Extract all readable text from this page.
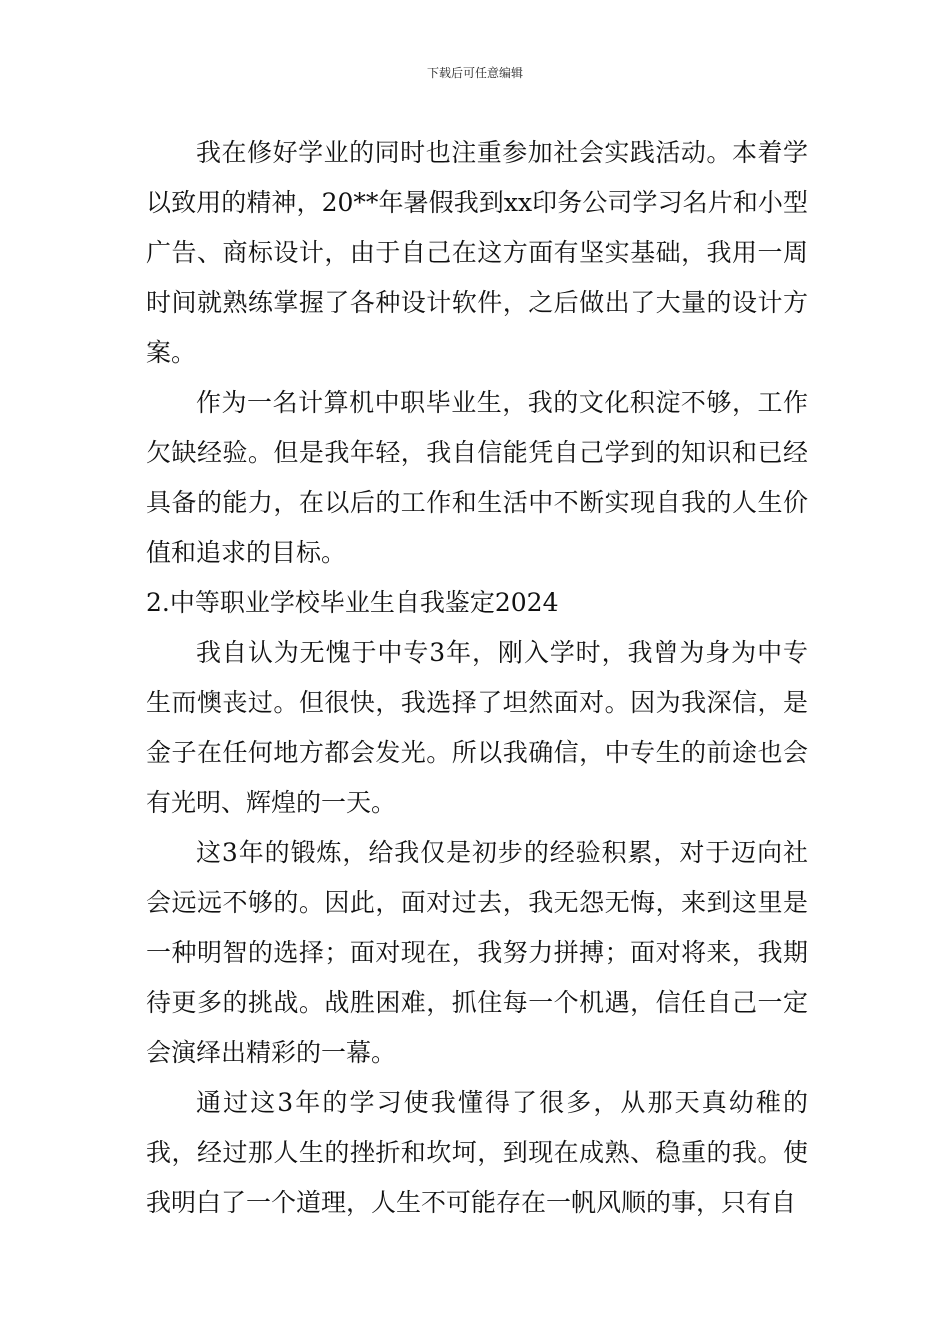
下载后可任意编辑

我在修好学业的同时也注重参加社会实践活动。本着学以致用的精神，20**年暑假我到xx印务公司学习名片和小型广告、商标设计，由于自己在这方面有坚实基础，我用一周时间就熟练掌握了各种设计软件，之后做出了大量的设计方案。

作为一名计算机中职毕业生，我的文化积淀不够，工作欠缺经验。但是我年轻，我自信能凭自己学到的知识和已经具备的能力，在以后的工作和生活中不断实现自我的人生价值和追求的目标。

2.中等职业学校毕业生自我鉴定2024

我自认为无愧于中专3年，刚入学时，我曾为身为中专生而懊丧过。但很快，我选择了坦然面对。因为我深信，是金子在任何地方都会发光。所以我确信，中专生的前途也会有光明、辉煌的一天。

这3年的锻炼，给我仅是初步的经验积累，对于迈向社会远远不够的。因此，面对过去，我无怨无悔，来到这里是一种明智的选择；面对现在，我努力拼搏；面对将来，我期待更多的挑战。战胜困难，抓住每一个机遇，信任自己一定会演绎出精彩的一幕。

通过这3年的学习使我懂得了很多，从那天真幼稚的我，经过那人生的挫折和坎坷，到现在成熟、稳重的我。使我明白了一个道理，人生不可能存在一帆风顺的事，只有自
